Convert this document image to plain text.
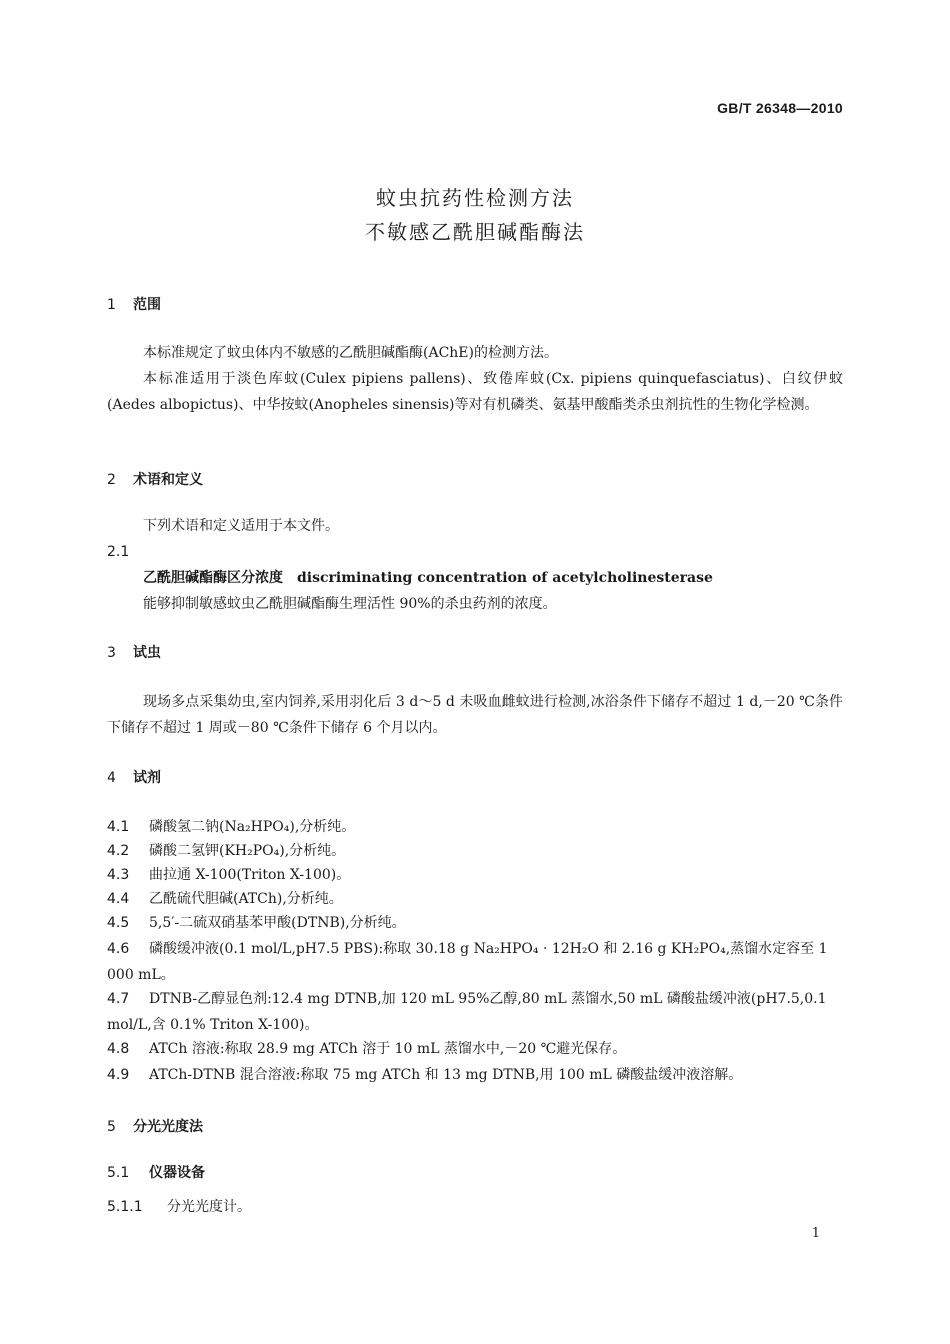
GB/T 26348—2010
蚊虫抗药性检测方法
不敏感乙酰胆碱酯酶法
1 范围
本标准规定了蚊虫体内不敏感的乙酰胆碱酯酶(AChE)的检测方法。
本标准适用于淡色库蚊(Culex pipiens pallens)、致倦库蚊(Cx. pipiens quinquefasciatus)、白纹伊蚊(Aedes albopictus)、中华按蚊(Anopheles sinensis)等对有机磷类、氨基甲酸酯类杀虫剂抗性的生物化学检测。
2 术语和定义
下列术语和定义适用于本文件。
2.1
乙酰胆碱酯酶区分浓度 discriminating concentration of acetylcholinesterase
能够抑制敏感蚊虫乙酰胆碱酯酶生理活性 90%的杀虫药剂的浓度。
3 试虫
现场多点采集幼虫,室内饲养,采用羽化后 3 d～5 d 未吸血雌蚊进行检测,冰浴条件下储存不超过 1 d,－20 ℃条件下储存不超过 1 周或－80 ℃条件下储存 6 个月以内。
4 试剂
4.1 磷酸氢二钠(Na₂HPO₄),分析纯。
4.2 磷酸二氢钾(KH₂PO₄),分析纯。
4.3 曲拉通 X-100(Triton X-100)。
4.4 乙酰硫代胆碱(ATCh),分析纯。
4.5 5,5′-二硫双硝基苯甲酸(DTNB),分析纯。
4.6 磷酸缓冲液(0.1 mol/L,pH7.5 PBS):称取 30.18 g Na₂HPO₄ · 12H₂O 和 2.16 g KH₂PO₄,蒸馏水定容至 1 000 mL。
4.7 DTNB-乙醇显色剂:12.4 mg DTNB,加 120 mL 95%乙醇,80 mL 蒸馏水,50 mL 磷酸盐缓冲液(pH7.5,0.1 mol/L,含 0.1% Triton X-100)。
4.8 ATCh 溶液:称取 28.9 mg ATCh 溶于 10 mL 蒸馏水中,－20 ℃避光保存。
4.9 ATCh-DTNB 混合溶液:称取 75 mg ATCh 和 13 mg DTNB,用 100 mL 磷酸盐缓冲液溶解。
5 分光光度法
5.1 仪器设备
5.1.1 分光光度计。
1
